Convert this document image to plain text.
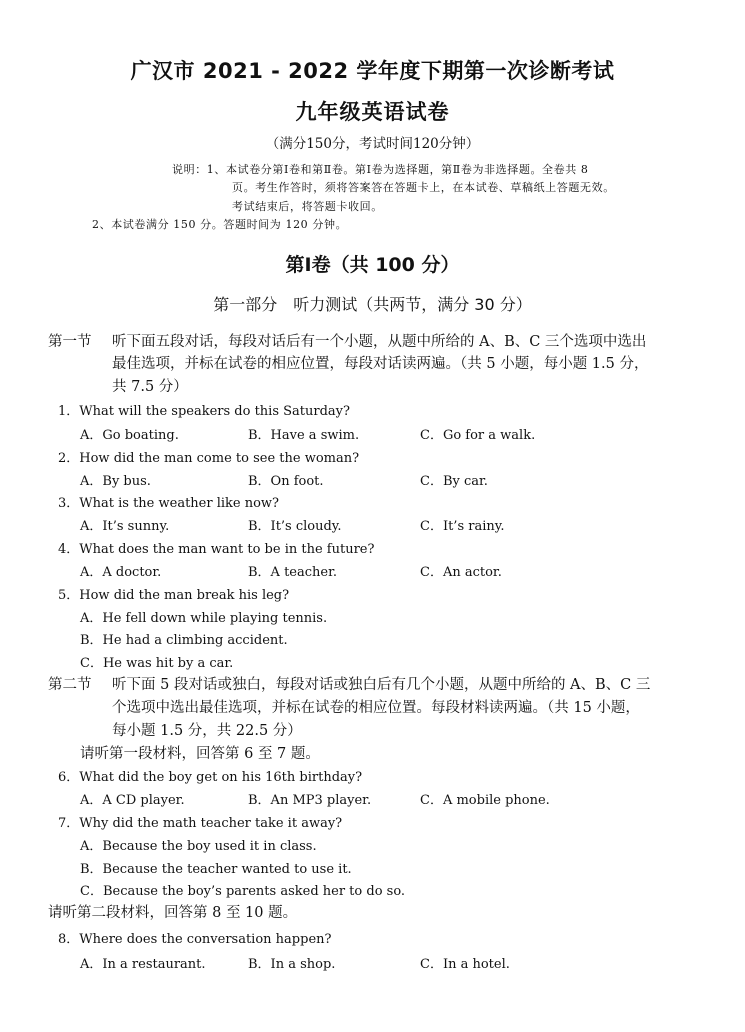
广汉市 2021 - 2022 学年度下期第一次诊断考试
九年级英语试卷
（满分150分，考试时间120分钟）
说明：1、本试卷分第Ⅰ卷和第Ⅱ卷。第Ⅰ卷为选择题，第Ⅱ卷为非选择题。全卷共 8
页。考生作答时，须将答案答在答题卡上，在本试卷、草稿纸上答题无效。
考试结束后，将答题卡收回。
2、本试卷满分 150 分。答题时间为 120 分钟。
第Ⅰ卷（共 100 分）
第一部分　听力测试（共两节，满分 30 分）
第一节 听下面五段对话，每段对话后有一个小题，从题中所给的 A、B、C 三个选项中选出
最佳选项，并标在试卷的相应位置，每段对话读两遍。（共 5 小题，每小题 1.5 分，
共 7.5 分）
1．What will the speakers do this Saturday?
A．Go boating.	B．Have a swim.	C．Go for a walk.
2．How did the man come to see the woman?
A．By bus.	B．On foot.	C．By car.
3．What is the weather like now?
A．It’s sunny.	B．It’s cloudy.	C．It’s rainy.
4．What does the man want to be in the future?
A．A doctor.	B．A teacher.	C．An actor.
5．How did the man break his leg?
A．He fell down while playing tennis.
B．He had a climbing accident.
C．He was hit by a car.
第二节 听下面 5 段对话或独白，每段对话或独白后有几个小题，从题中所给的 A、B、C 三
个选项中选出最佳选项，并标在试卷的相应位置。每段材料读两遍。（共 15 小题，
每小题 1.5 分，共 22.5 分）
请听第一段材料，回答第 6 至 7 题。
6．What did the boy get on his 16th birthday?
A．A CD player.	B．An MP3 player.	C．A mobile phone.
7．Why did the math teacher take it away?
A．Because the boy used it in class.
B．Because the teacher wanted to use it.
C．Because the boy’s parents asked her to do so.
请听第二段材料，回答第 8 至 10 题。
8．Where does the conversation happen?
A．In a restaurant.	B．In a shop.	C．In a hotel.
